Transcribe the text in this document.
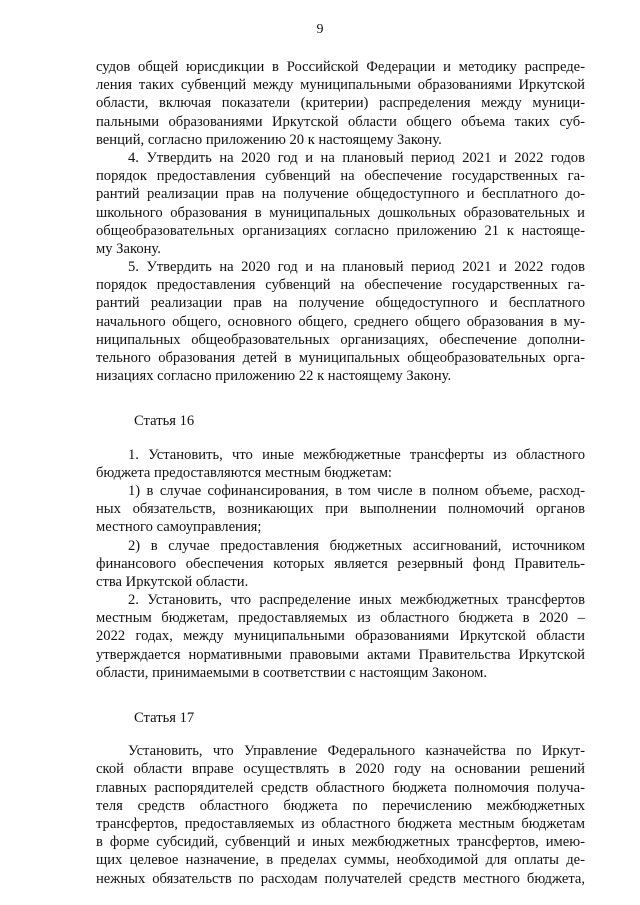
9
судов общей юрисдикции в Российской Федерации и методику распреде-
ления таких субвенций между муниципальными образованиями Иркутской
области, включая показатели (критерии) распределения между муници-
пальными образованиями Иркутской области общего объема таких суб-
венций, согласно приложению 20 к настоящему Закону.
4. Утвердить на 2020 год и на плановый период 2021 и 2022 годов
порядок предоставления субвенций на обеспечение государственных га-
рантий реализации прав на получение общедоступного и бесплатного до-
школьного образования в муниципальных дошкольных образовательных и
общеобразовательных организациях согласно приложению 21 к настояще-
му Закону.
5. Утвердить на 2020 год и на плановый период 2021 и 2022 годов
порядок предоставления субвенций на обеспечение государственных га-
рантий реализации прав на получение общедоступного и бесплатного
начального общего, основного общего, среднего общего образования в му-
ниципальных общеобразовательных организациях, обеспечение дополни-
тельного образования детей в муниципальных общеобразовательных орга-
низациях согласно приложению 22 к настоящему Закону.
Статья 16
1. Установить, что иные межбюджетные трансферты из областного
бюджета предоставляются местным бюджетам:
1) в случае софинансирования, в том числе в полном объеме, расход-
ных обязательств, возникающих при выполнении полномочий органов
местного самоуправления;
2) в случае предоставления бюджетных ассигнований, источником
финансового обеспечения которых является резервный фонд Правитель-
ства Иркутской области.
2. Установить, что распределение иных межбюджетных трансфертов
местным бюджетам, предоставляемых из областного бюджета в 2020 –
2022 годах, между муниципальными образованиями Иркутской области
утверждается нормативными правовыми актами Правительства Иркутской
области, принимаемыми в соответствии с настоящим Законом.
Статья 17
Установить, что Управление Федерального казначейства по Иркут-
ской области вправе осуществлять в 2020 году на основании решений
главных распорядителей средств областного бюджета полномочия получа-
теля средств областного бюджета по перечислению межбюджетных
трансфертов, предоставляемых из областного бюджета местным бюджетам
в форме субсидий, субвенций и иных межбюджетных трансфертов, имею-
щих целевое назначение, в пределах суммы, необходимой для оплаты де-
нежных обязательств по расходам получателей средств местного бюджета,
